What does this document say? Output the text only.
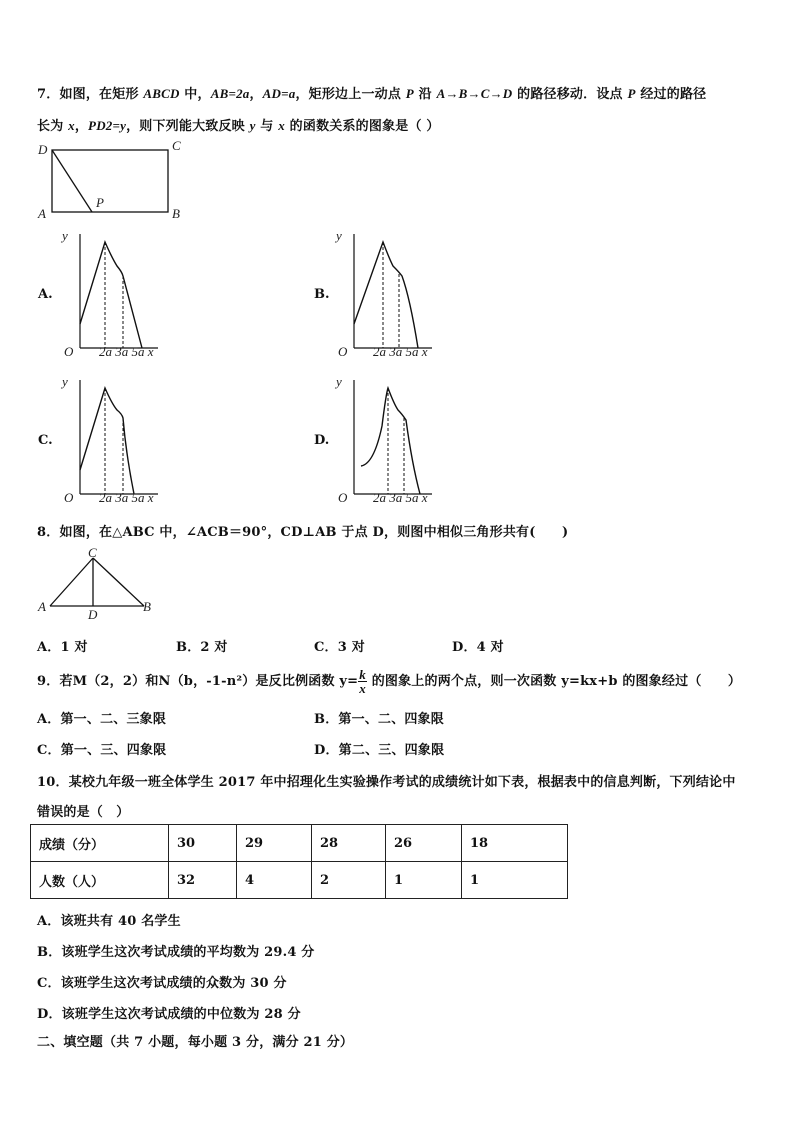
7．如图，在矩形 ABCD 中，AB=2a，AD=a，矩形边上一动点 P 沿 A→B→C→D 的路径移动．设点 P 经过的路径
长为 x，PD2=y，则下列能大致反映 y 与 x 的函数关系的图象是（ ）
D	C
A	B
P
A.
y
O 2a 3a 5a x
B.
y
O 2a 3a 5a x
C.
y
O 2a 3a 5a x
D.
y
O 2a 3a 5a x
8．如图，在△ABC 中，∠ACB＝90°，CD⊥AB 于点 D，则图中相似三角形共有(　　)
C
A	B
D
A．1 对	B．2 对	C．3 对	D．4 对
9．若M（2，2）和N（b，-1-n²）是反比例函数 $y= \frac{k}{x}$ 的图象上的两个点，则一次函数 y=kx+b 的图象经过（　　）
A．第一、二、三象限	B．第一、二、四象限
C．第一、三、四象限	D．第二、三、四象限
10．某校九年级一班全体学生 2017 年中招理化生实验操作考试的成绩统计如下表，根据表中的信息判断，下列结论中
错误的是（　）
成绩（分）	30	29	28	26	18
人数（人）	32	4	2	1	1
A．该班共有 40 名学生
B．该班学生这次考试成绩的平均数为 29.4 分
C．该班学生这次考试成绩的众数为 30 分
D．该班学生这次考试成绩的中位数为 28 分
二、填空题（共 7 小题，每小题 3 分，满分 21 分）
